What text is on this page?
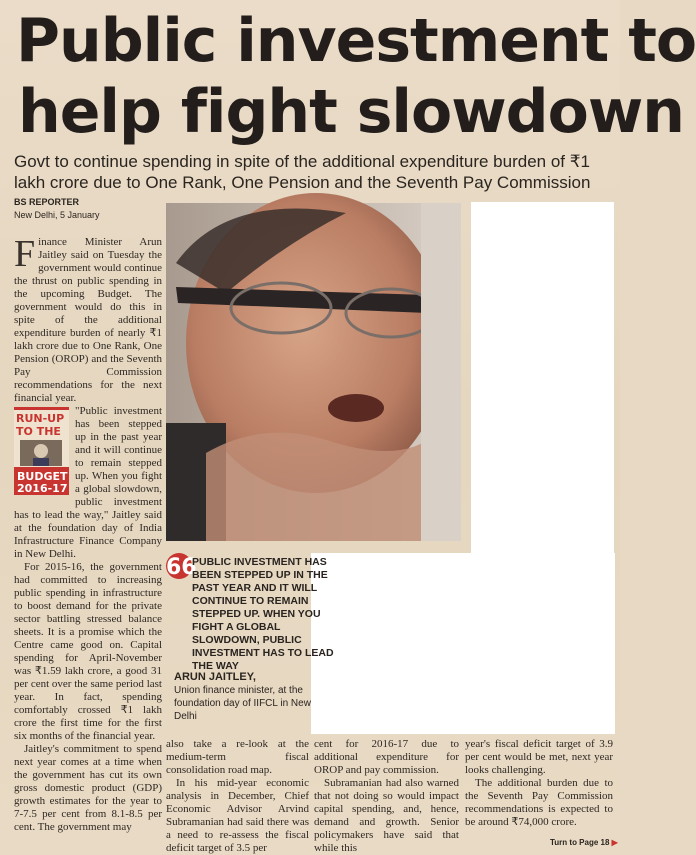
Public investment to
help fight slowdown
Govt to continue spending in spite of the additional expenditure burden of ₹1 lakh crore due to One Rank, One Pension and the Seventh Pay Commission
BS REPORTER
New Delhi, 5 January

Finance Minister Arun Jaitley said on Tuesday the government would continue the thrust on public spending in the upcoming Budget. The government would do this in spite of the additional expenditure burden of nearly ₹1 lakh crore due to One Rank, One Pension (OROP) and the Seventh Pay Commission recommendations for the next financial year.

RUN-UP
TO THE
BUDGET
2016-17
"Public investment has been stepped up in the past year and it will continue to remain stepped up. When you fight a global slowdown, public investment has to lead the way," Jaitley said at the foundation day of India Infrastructure Finance Company in New Delhi.

For 2015-16, the government had committed to increasing public spending in infrastructure to boost demand for the private sector battling stressed balance sheets. It is a promise which the Centre came good on. Capital spending for April-November was ₹1.59 lakh crore, a good 31 per cent over the same period last year. In fact, spending comfortably crossed ₹1 lakh crore the first time for the first six months of the financial year.

Jaitley's commitment to spend next year comes at a time when the government has cut its own gross domestic product (GDP) growth estimates for the year to 7-7.5 per cent from 8.1-8.5 per cent. The government may

66
PUBLIC INVESTMENT HAS BEEN STEPPED UP IN THE PAST YEAR AND IT WILL CONTINUE TO REMAIN STEPPED UP. WHEN YOU FIGHT A GLOBAL SLOWDOWN, PUBLIC INVESTMENT HAS TO LEAD THE WAY
ARUN JAITLEY,
Union finance minister, at the foundation day of IIFCL in New Delhi

also take a re-look at the medium-term fiscal consolidation road map.

In his mid-year economic analysis in December, Chief Economic Advisor Arvind Subramanian had said there was a need to re-assess the fiscal deficit target of 3.5 per

cent for 2016-17 due to additional expenditure for OROP and pay commission.

Subramanian had also warned that not doing so would impact capital spending, and, hence, demand and growth. Senior policymakers have said that while this

year's fiscal deficit target of 3.9 per cent would be met, next year looks challenging.

The additional burden due to the Seventh Pay Commission recommendations is expected to be around ₹74,000 crore.

Turn to Page 18 ▶
